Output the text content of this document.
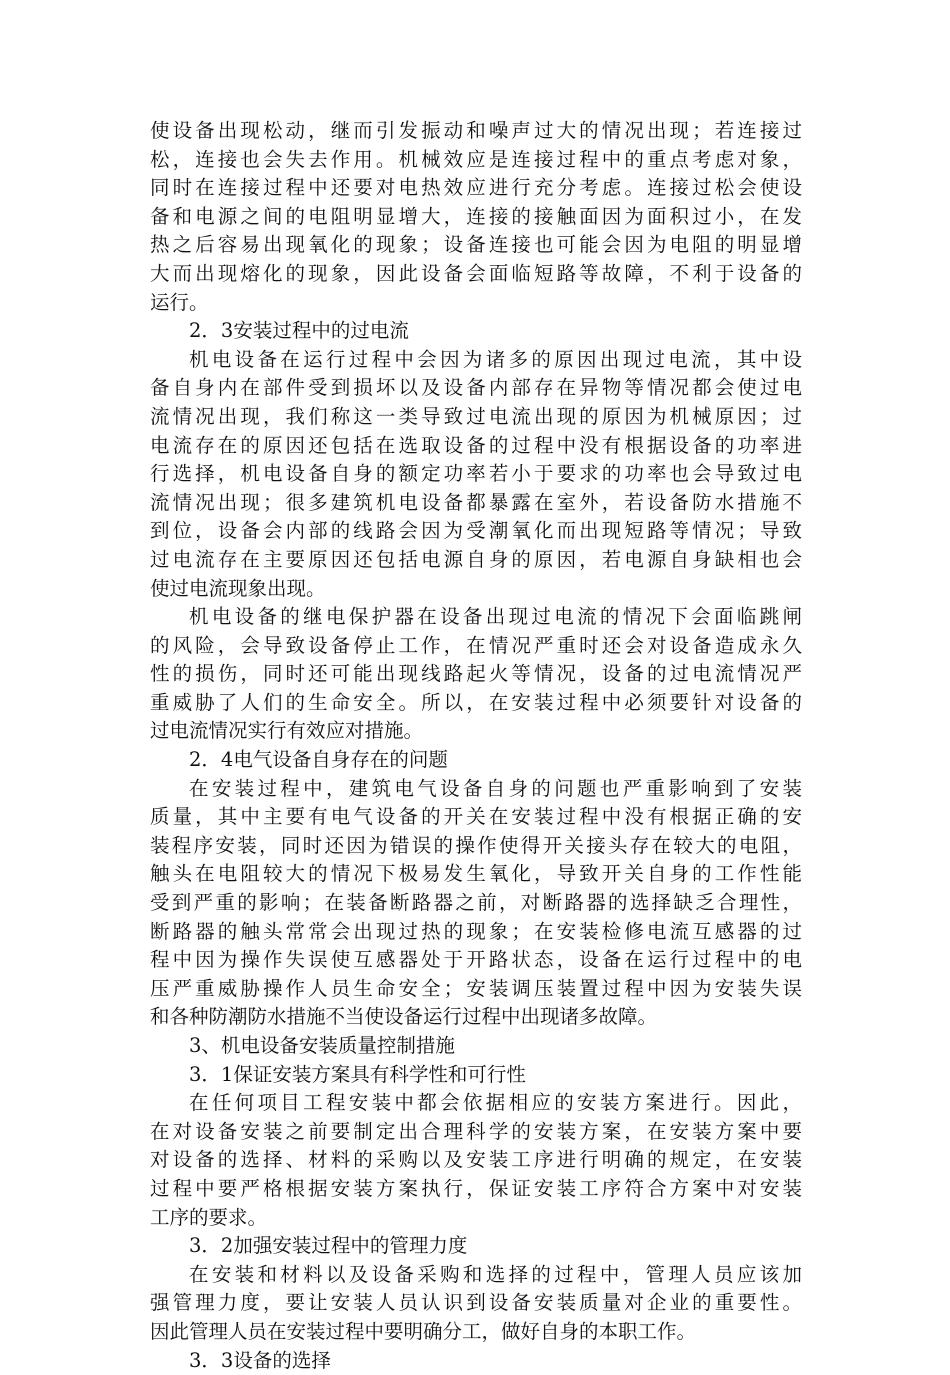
使设备出现松动，继而引发振动和噪声过大的情况出现；若连接过
松，连接也会失去作用。机械效应是连接过程中的重点考虑对象，
同时在连接过程中还要对电热效应进行充分考虑。连接过松会使设
备和电源之间的电阻明显增大，连接的接触面因为面积过小，在发
热之后容易出现氧化的现象；设备连接也可能会因为电阻的明显增
大而出现熔化的现象，因此设备会面临短路等故障，不利于设备的
运行。
2．3安装过程中的过电流
机电设备在运行过程中会因为诸多的原因出现过电流，其中设
备自身内在部件受到损坏以及设备内部存在异物等情况都会使过电
流情况出现，我们称这一类导致过电流出现的原因为机械原因；过
电流存在的原因还包括在选取设备的过程中没有根据设备的功率进
行选择，机电设备自身的额定功率若小于要求的功率也会导致过电
流情况出现；很多建筑机电设备都暴露在室外，若设备防水措施不
到位，设备会内部的线路会因为受潮氧化而出现短路等情况；导致
过电流存在主要原因还包括电源自身的原因，若电源自身缺相也会
使过电流现象出现。
机电设备的继电保护器在设备出现过电流的情况下会面临跳闸
的风险，会导致设备停止工作，在情况严重时还会对设备造成永久
性的损伤，同时还可能出现线路起火等情况，设备的过电流情况严
重威胁了人们的生命安全。所以，在安装过程中必须要针对设备的
过电流情况实行有效应对措施。
2．4电气设备自身存在的问题
在安装过程中，建筑电气设备自身的问题也严重影响到了安装
质量，其中主要有电气设备的开关在安装过程中没有根据正确的安
装程序安装，同时还因为错误的操作使得开关接头存在较大的电阻，
触头在电阻较大的情况下极易发生氧化，导致开关自身的工作性能
受到严重的影响；在装备断路器之前，对断路器的选择缺乏合理性，
断路器的触头常常会出现过热的现象；在安装检修电流互感器的过
程中因为操作失误使互感器处于开路状态，设备在运行过程中的电
压严重威胁操作人员生命安全；安装调压装置过程中因为安装失误
和各种防潮防水措施不当使设备运行过程中出现诸多故障。
3、机电设备安装质量控制措施
3．1保证安装方案具有科学性和可行性
在任何项目工程安装中都会依据相应的安装方案进行。因此，
在对设备安装之前要制定出合理科学的安装方案，在安装方案中要
对设备的选择、材料的采购以及安装工序进行明确的规定，在安装
过程中要严格根据安装方案执行，保证安装工序符合方案中对安装
工序的要求。
3．2加强安装过程中的管理力度
在安装和材料以及设备采购和选择的过程中，管理人员应该加
强管理力度，要让安装人员认识到设备安装质量对企业的重要性。
因此管理人员在安装过程中要明确分工，做好自身的本职工作。
3．3设备的选择
